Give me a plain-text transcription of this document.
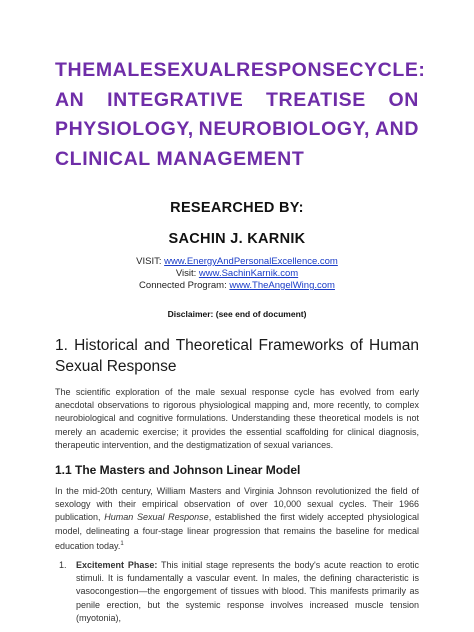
THE MALE SEXUAL RESPONSE CYCLE:
AN INTEGRATIVE TREATISE ON
PHYSIOLOGY, NEUROBIOLOGY, AND
CLINICAL MANAGEMENT
RESEARCHED BY:
SACHIN J. KARNIK
VISIT: www.EnergyAndPersonalExcellence.com
Visit: www.SachinKarnik.com
Connected Program: www.TheAngelWing.com
Disclaimer: (see end of document)
1. Historical and Theoretical Frameworks of Human Sexual Response
The scientific exploration of the male sexual response cycle has evolved from early anecdotal observations to rigorous physiological mapping and, more recently, to complex neurobiological and cognitive formulations. Understanding these theoretical models is not merely an academic exercise; it provides the essential scaffolding for clinical diagnosis, therapeutic intervention, and the destigmatization of sexual variances.
1.1 The Masters and Johnson Linear Model
In the mid-20th century, William Masters and Virginia Johnson revolutionized the field of sexology with their empirical observation of over 10,000 sexual cycles. Their 1966 publication, Human Sexual Response, established the first widely accepted physiological model, delineating a four-stage linear progression that remains the baseline for medical education today.$^1$
1.	Excitement Phase: This initial stage represents the body's acute reaction to erotic stimuli. It is fundamentally a vascular event. In males, the defining characteristic is vasocongestion—the engorgement of tissues with blood. This manifests primarily as penile erection, but the systemic response involves increased muscle tension (myotonia),
